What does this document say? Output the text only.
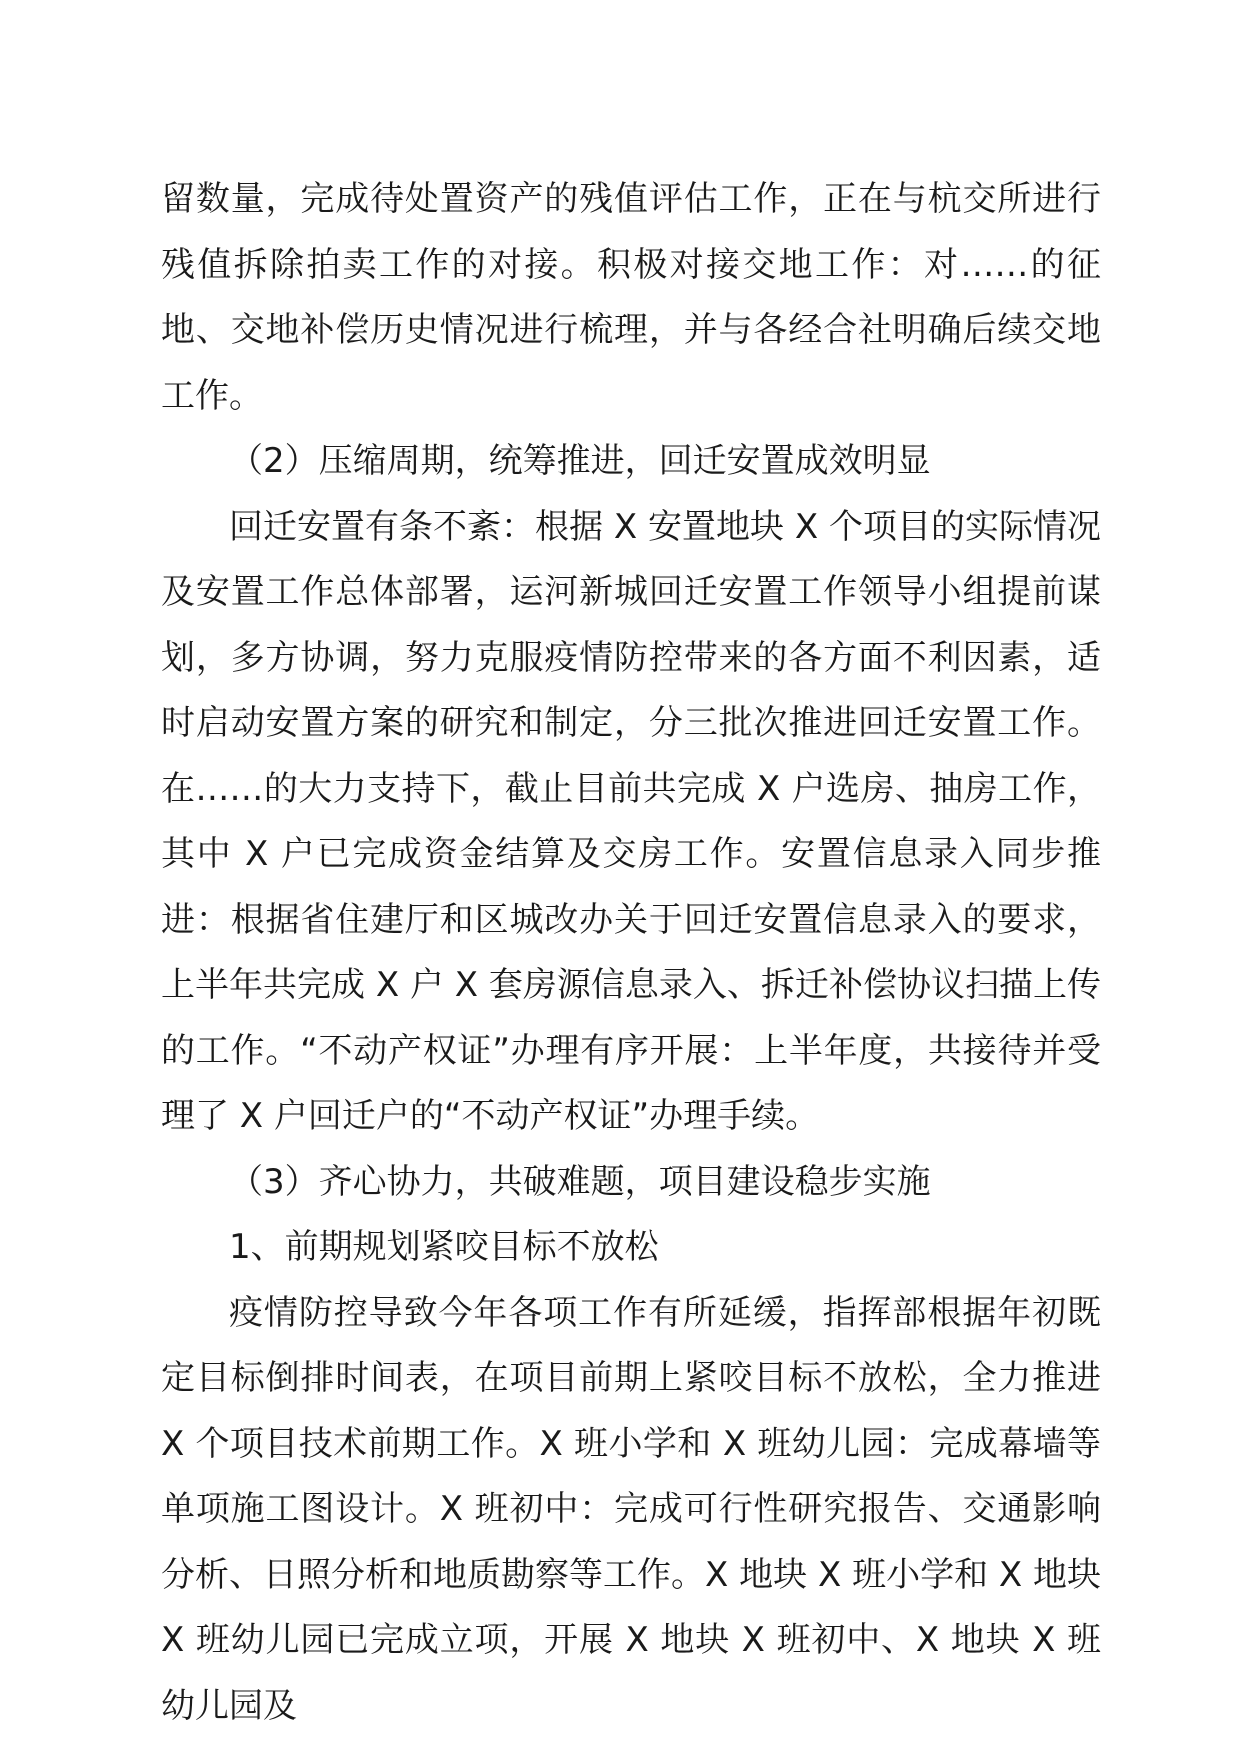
留数量，完成待处置资产的残值评估工作，正在与杭交所进行残值拆除拍卖工作的对接。积极对接交地工作：对……的征地、交地补偿历史情况进行梳理，并与各经合社明确后续交地工作。

（2）压缩周期，统筹推进，回迁安置成效明显

回迁安置有条不紊：根据 X 安置地块 X 个项目的实际情况及安置工作总体部署，运河新城回迁安置工作领导小组提前谋划，多方协调，努力克服疫情防控带来的各方面不利因素，适时启动安置方案的研究和制定，分三批次推进回迁安置工作。在……的大力支持下，截止目前共完成 X 户选房、抽房工作，其中 X 户已完成资金结算及交房工作。安置信息录入同步推进：根据省住建厅和区城改办关于回迁安置信息录入的要求，上半年共完成 X 户 X 套房源信息录入、拆迁补偿协议扫描上传的工作。“不动产权证”办理有序开展：上半年度，共接待并受理了 X 户回迁户的“不动产权证”办理手续。

（3）齐心协力，共破难题，项目建设稳步实施

1、前期规划紧咬目标不放松

疫情防控导致今年各项工作有所延缓，指挥部根据年初既定目标倒排时间表，在项目前期上紧咬目标不放松，全力推进 X 个项目技术前期工作。X 班小学和 X 班幼儿园：完成幕墙等单项施工图设计。X 班初中：完成可行性研究报告、交通影响分析、日照分析和地质勘察等工作。X 地块 X 班小学和 X 地块 X 班幼儿园已完成立项，开展 X 地块 X 班初中、X 地块 X 班幼儿园及
